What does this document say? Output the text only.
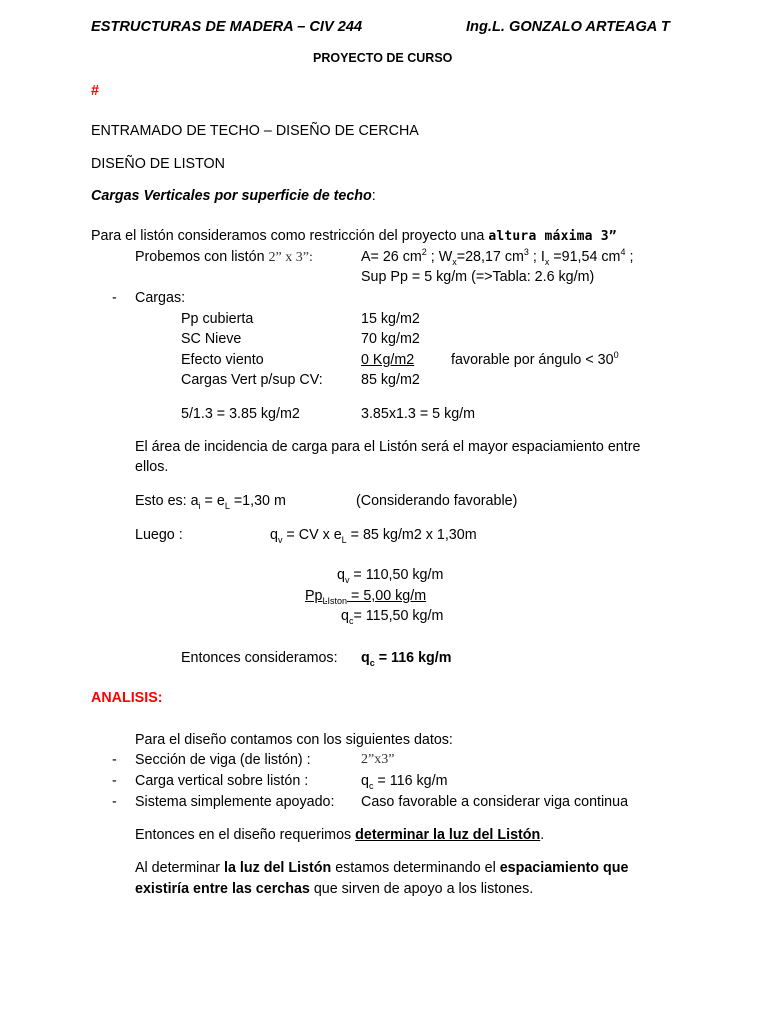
ESTRUCTURAS DE MADERA – CIV 244	Ing.L. GONZALO ARTEAGA T
PROYECTO DE CURSO
#
ENTRAMADO DE TECHO – DISEÑO DE CERCHA
DISEÑO DE LISTON
Cargas Verticales por superficie de techo:
Para el listón consideramos como restricción del proyecto una altura máxima 3”
Probemos con listón 2” x 3”:	A= 26 $cm^2$ ; $W_x=28,17$ $cm^3$ ; $I_x =91,54$ $cm^4$ ;
Sup Pp = 5 kg/m (=>Tabla: 2.6 kg/m)
- Cargas:
Pp cubierta	15 kg/m2
SC Nieve	70 kg/m2
Efecto viento	0 Kg/m2	favorable por ángulo < $30^0$
Cargas Vert p/sup CV:	85 kg/m2
5/1.3 = 3.85 kg/m2	3.85x1.3 = 5 kg/m
El área de incidencia de carga para el Listón será el mayor espaciamiento entre
ellos.
Esto es: $a_i = e_L =1,30$ m	(Considerando favorable)
Luego :	$q_v$ = CV x $e_L = 85$ kg/m2 x 1,30m
$q_v = 110,50$ kg/m
$Pp_{LIston} = 5,00$ kg/m
$q_c= 115,50$ kg/m
Entonces consideramos: $q_c = 116$ kg/m
ANALISIS:
Para el diseño contamos con los siguientes datos:
- Sección de viga (de listón) :	2”x3”
- Carga vertical sobre listón :	$q_c = 116$ kg/m
- Sistema simplemente apoyado: Caso favorable a considerar viga continua
Entonces en el diseño requerimos determinar la luz del Listón.
Al determinar la luz del Listón estamos determinando el espaciamiento que
existiría entre las cerchas que sirven de apoyo a los listones.
